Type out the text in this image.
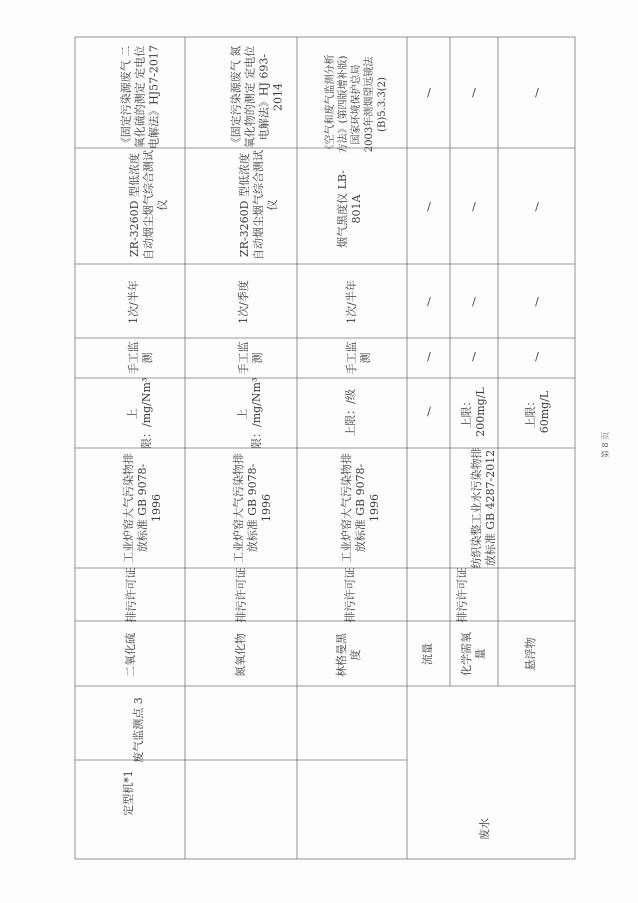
《固定污染源废气 二氧化硫的测定 定电位电解法》HJ57-2017
ZR-3260D 型低浓度自动烟尘烟气综合测试仪
1次/半年
手工监测
上限：/mg/Nm³
工业炉窑大气污染物排放标准 GB 9078-1996
排污许可证
二氧化硫
《固定污染源废气 氮氧化物的测定 定电位电解法》HJ 693-2014
ZR-3260D 型低浓度自动烟尘烟气综合测试仪
1次/季度
手工监测
上限：/mg/Nm³
工业炉窑大气污染物排放标准 GB 9078-1996
排污许可证
氮氧化物
《空气和废气监测分析方法》(第四版增补版)国家环境保护总局 2003年测烟望远镜法(B)5.3.3(2)
烟气黑度仪 LB-801A
1次/半年
手工监测
上限：/级
工业炉窑大气污染物排放标准 GB 9078-1996
排污许可证
林格曼黑度
/
/
/
/
/
流量
/
/
/
/
上限：200mg/L
化学需氧量
/
/
/
/
上限：60mg/L
悬浮物
纺织染整工业水污染物排放标准 GB 4287-2012
排污许可证
废气监测点 3
定型机*1
废水
第 8 页
